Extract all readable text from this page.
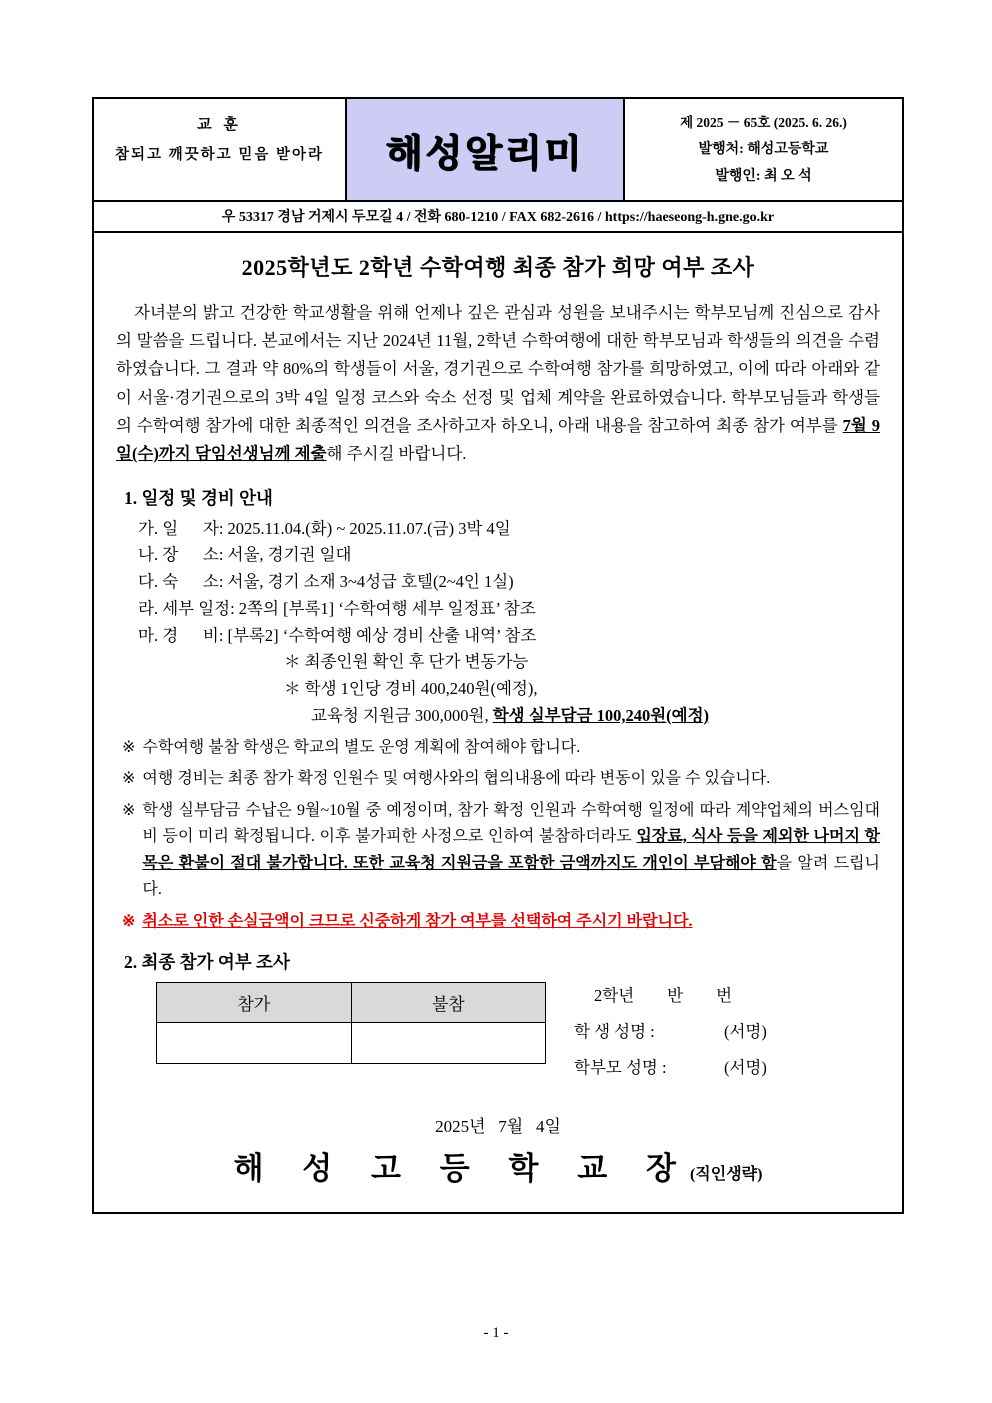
교 훈
참되고 깨끗하고 믿음 받아라	해성알리미
제 2025 － 65호 (2025. 6. 26.)
발행처: 해성고등학교
발행인: 최 오 석
우 53317 경남 거제시 두모길 4 / 전화 680-1210 / FAX 682-2616 / https://haeseong-h.gne.go.kr
2025학년도 2학년 수학여행 최종 참가 희망 여부 조사

자녀분의 밝고 건강한 학교생활을 위해 언제나 깊은 관심과 성원을 보내주시는 학부모님께 진심으로 감사의 말씀을 드립니다. 본교에서는 지난 2024년 11월, 2학년 수학여행에 대한 학부모님과 학생들의 의견을 수렴하였습니다. 그 결과 약 80%의 학생들이 서울, 경기권으로 수학여행 참가를 희망하였고, 이에 따라 아래와 같이 서울·경기권으로의 3박 4일 일정 코스와 숙소 선정 및 업체 계약을 완료하였습니다. 학부모님들과 학생들의 수학여행 참가에 대한 최종적인 의견을 조사하고자 하오니, 아래 내용을 참고하여 최종 참가 여부를 7월 9일(수)까지 담임선생님께 제출해 주시길 바랍니다.

1. 일정 및 경비 안내
가. 일      자: 2025.11.04.(화) ~ 2025.11.07.(금) 3박 4일
나. 장      소: 서울, 경기권 일대
다. 숙      소: 서울, 경기 소재 3~4성급 호텔(2~4인 1실)
라. 세부 일정: 2쪽의 [부록1] ‘수학여행 세부 일정표’ 참조
마. 경      비: [부록2] ‘수학여행 예상 경비 산출 내역’ 참조
＊ 최종인원 확인 후 단가 변동가능
＊ 학생 1인당 경비 400,240원(예정),
교육청 지원금 300,000원, 학생 실부담금 100,240원(예정)
※ 수학여행 불참 학생은 학교의 별도 운영 계획에 참여해야 합니다.
※ 여행 경비는 최종 참가 확정 인원수 및 여행사와의 협의내용에 따라 변동이 있을 수 있습니다.
※ 학생 실부담금 수납은 9월~10월 중 예정이며, 참가 확정 인원과 수학여행 일정에 따라 계약업체의 버스임대비 등이 미리 확정됩니다. 이후 불가피한 사정으로 인하여 불참하더라도 입장료, 식사 등을 제외한 나머지 항목은 환불이 절대 불가합니다. 또한 교육청 지원금을 포함한 금액까지도 개인이 부담해야 함을 알려 드립니다.
※ 취소로 인한 손실금액이 크므로 신중하게 참가 여부를 선택하여 주시기 바랍니다.
2. 최종 참가 여부 조사
참가	불참
		2학년        반        번
학 생 성명 :	(서명)
학부모 성명 :	(서명)
2025년   7월   4일
해 성 고 등 학 교 장(직인생략)
- 1 -
